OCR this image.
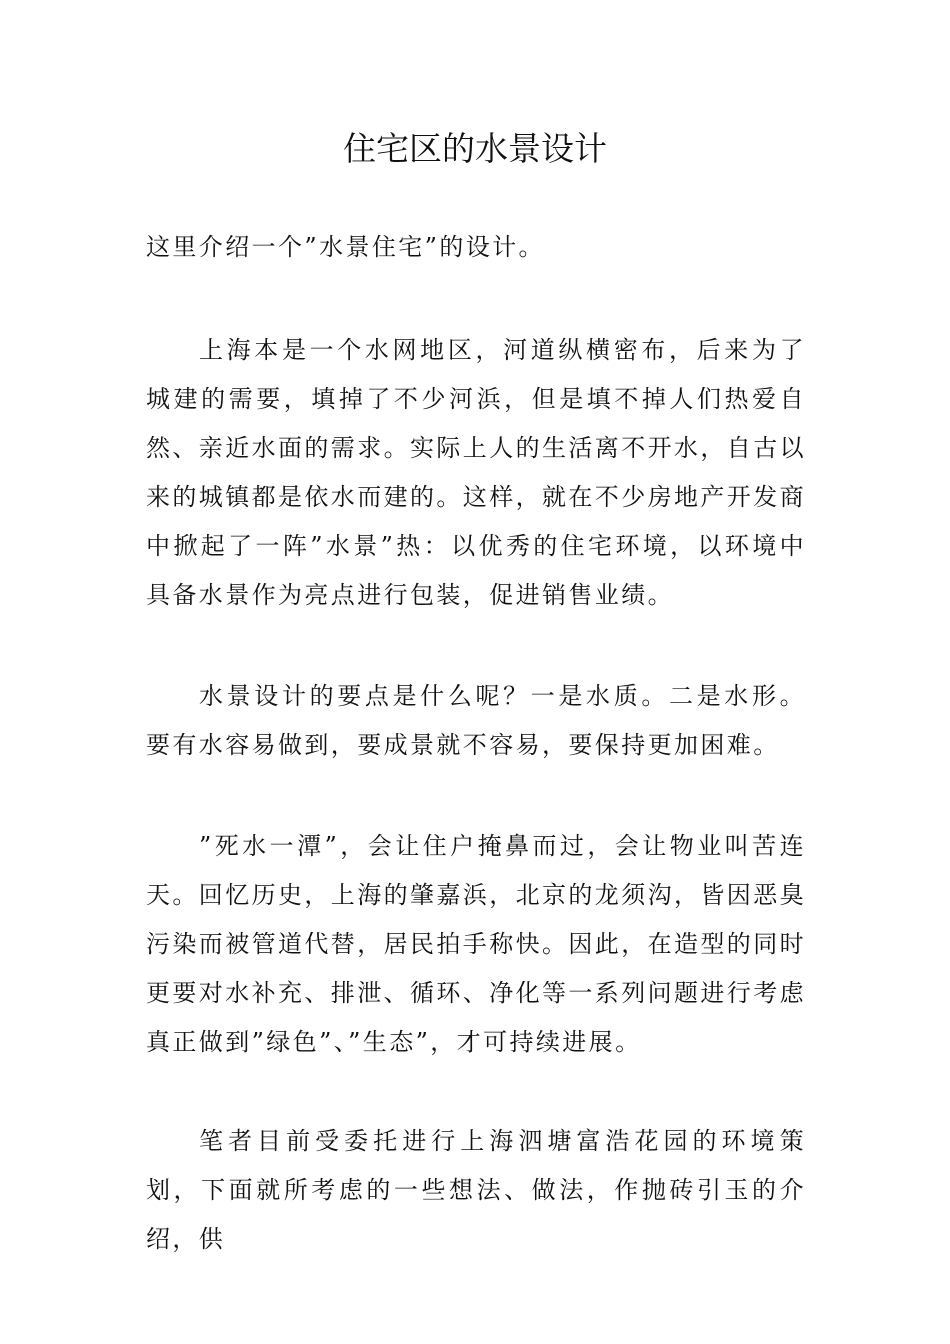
住宅区的水景设计

这里介绍一个”水景住宅”的设计。

上海本是一个水网地区，河道纵横密布，后来为了城建的需要，填掉了不少河浜，但是填不掉人们热爱自然、亲近水面的需求。实际上人的生活离不开水，自古以来的城镇都是依水而建的。这样，就在不少房地产开发商中掀起了一阵”水景”热：以优秀的住宅环境，以环境中具备水景作为亮点进行包装，促进销售业绩。

水景设计的要点是什么呢？一是水质。二是水形。要有水容易做到，要成景就不容易，要保持更加困难。

”死水一潭”，会让住户掩鼻而过，会让物业叫苦连天。回忆历史，上海的肇嘉浜，北京的龙须沟，皆因恶臭污染而被管道代替，居民拍手称快。因此，在造型的同时更要对水补充、排泄、循环、净化等一系列问题进行考虑真正做到”绿色”、”生态”，才可持续进展。

笔者目前受委托进行上海泗塘富浩花园的环境策划，下面就所考虑的一些想法、做法，作抛砖引玉的介绍，供
